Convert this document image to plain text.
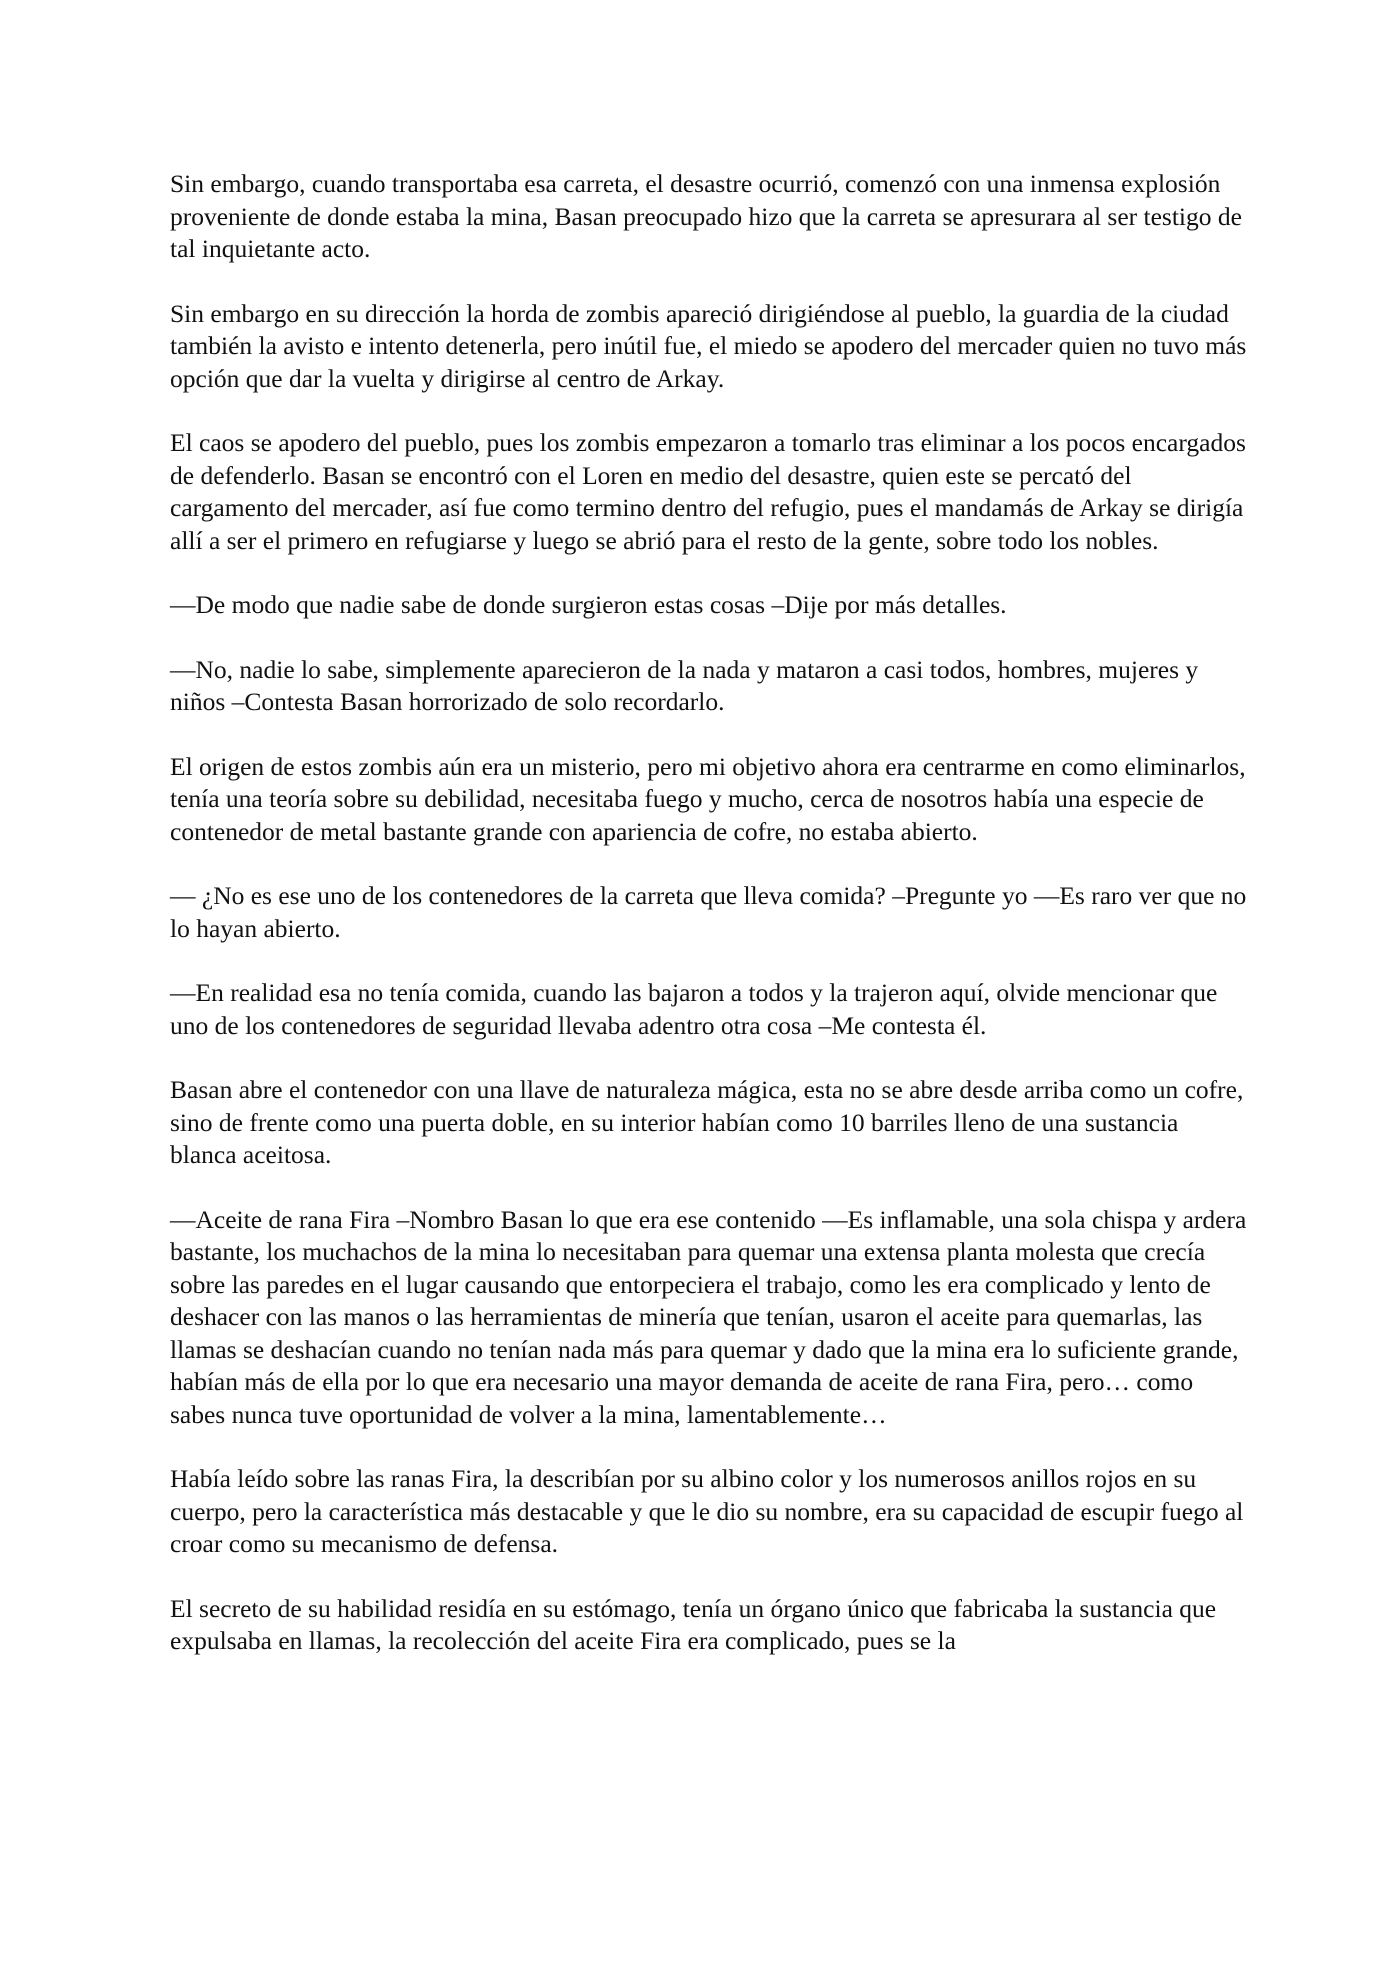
Sin embargo, cuando transportaba esa carreta, el desastre ocurrió, comenzó con una inmensa explosión proveniente de donde estaba la mina, Basan preocupado hizo que la carreta se apresurara al ser testigo de tal inquietante acto.

Sin embargo en su dirección la horda de zombis apareció dirigiéndose al pueblo, la guardia de la ciudad también la avisto e intento detenerla, pero inútil fue, el miedo se apodero del mercader quien no tuvo más opción que dar la vuelta y dirigirse al centro de Arkay.

El caos se apodero del pueblo, pues los zombis empezaron a tomarlo tras eliminar a los pocos encargados de defenderlo. Basan se encontró con el Loren en medio del desastre, quien este se percató del cargamento del mercader, así fue como termino dentro del refugio, pues el mandamás de Arkay se dirigía allí a ser el primero en refugiarse y luego se abrió para el resto de la gente, sobre todo los nobles.

—De modo que nadie sabe de donde surgieron estas cosas –Dije por más detalles.

—No, nadie lo sabe, simplemente aparecieron de la nada y mataron a casi todos, hombres, mujeres y niños –Contesta Basan horrorizado de solo recordarlo.

El origen de estos zombis aún era un misterio, pero mi objetivo ahora era centrarme en como eliminarlos, tenía una teoría sobre su debilidad, necesitaba fuego y mucho, cerca de nosotros había una especie de contenedor de metal bastante grande con apariencia de cofre, no estaba abierto.

— ¿No es ese uno de los contenedores de la carreta que lleva comida? –Pregunte yo —Es raro ver que no lo hayan abierto.

—En realidad esa no tenía comida, cuando las bajaron a todos y la trajeron aquí, olvide mencionar que uno de los contenedores de seguridad llevaba adentro otra cosa –Me contesta él.

Basan abre el contenedor con una llave de naturaleza mágica, esta no se abre desde arriba como un cofre, sino de frente como una puerta doble, en su interior habían como 10 barriles lleno de una sustancia blanca aceitosa.

—Aceite de rana Fira –Nombro Basan lo que era ese contenido —Es inflamable, una sola chispa y ardera bastante, los muchachos de la mina lo necesitaban para quemar una extensa planta molesta que crecía sobre las paredes en el lugar causando que entorpeciera el trabajo, como les era complicado y lento de deshacer con las manos o las herramientas de minería que tenían, usaron el aceite para quemarlas, las llamas se deshacían cuando no tenían nada más para quemar y dado que la mina era lo suficiente grande, habían más de ella por lo que era necesario una mayor demanda de aceite de rana Fira, pero… como sabes nunca tuve oportunidad de volver a la mina, lamentablemente…

Había leído sobre las ranas Fira, la describían por su albino color y los numerosos anillos rojos en su cuerpo, pero la característica más destacable y que le dio su nombre, era su capacidad de escupir fuego al croar como su mecanismo de defensa.

El secreto de su habilidad residía en su estómago, tenía un órgano único que fabricaba la sustancia que expulsaba en llamas, la recolección del aceite Fira era complicado, pues se la
